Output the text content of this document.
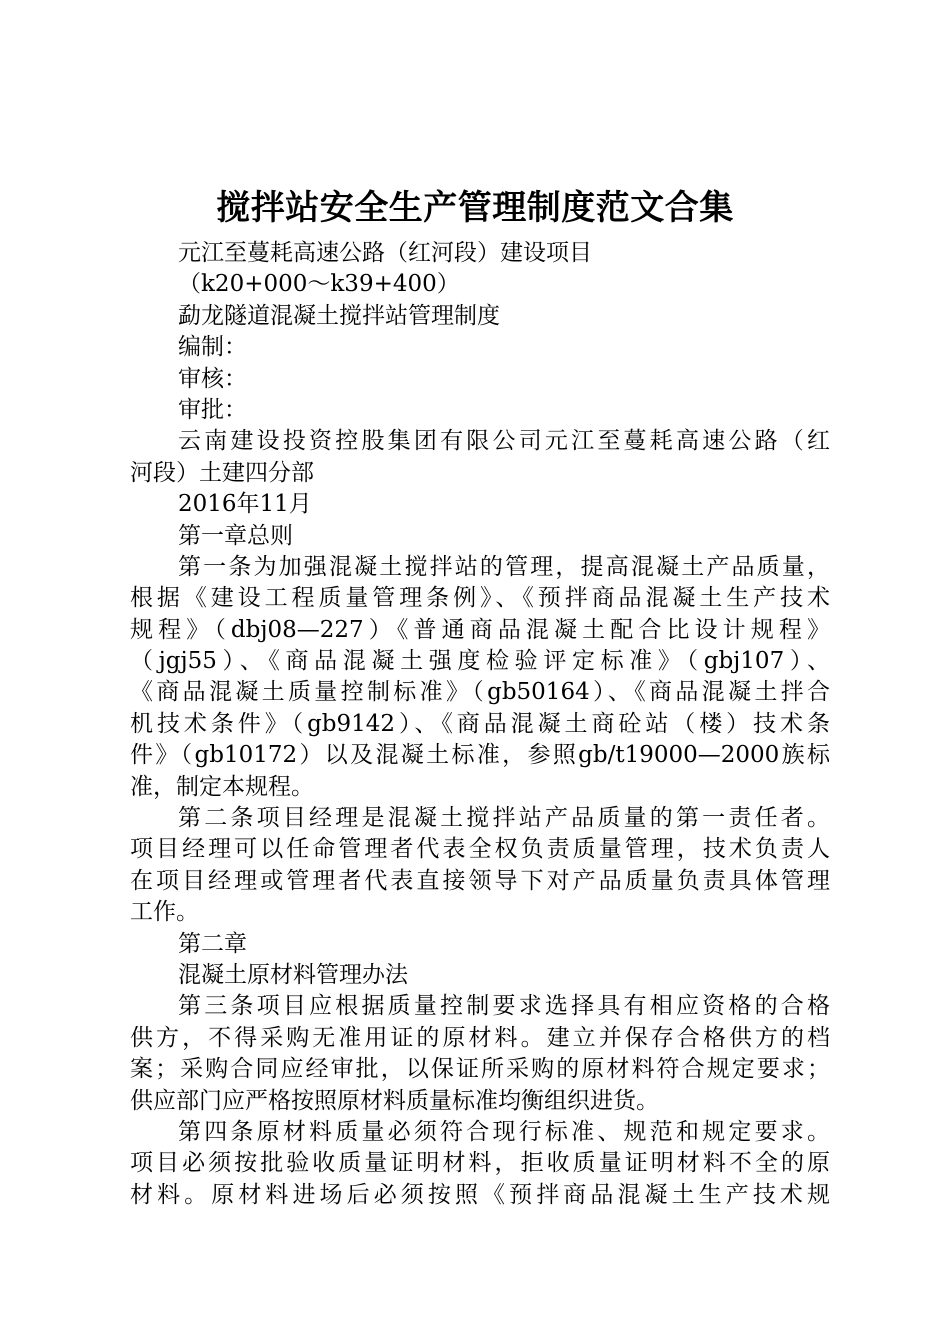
搅拌站安全生产管理制度范文合集
元江至蔓耗高速公路（红河段）建设项目
（k20+000～k39+400）
勐龙隧道混凝土搅拌站管理制度
编制：
审核：
审批：
云南建设投资控股集团有限公司元江至蔓耗高速公路（红
河段）土建四分部
2016年11月
第一章总则
第一条为加强混凝土搅拌站的管理，提高混凝土产品质量，
根据《建设工程质量管理条例》、《预拌商品混凝土生产技术
规程》（dbj08—227）《普通商品混凝土配合比设计规程》
（jgj55）、《商品混凝土强度检验评定标准》（gbj107）、
《商品混凝土质量控制标准》（gb50164）、《商品混凝土拌合
机技术条件》（gb9142）、《商品混凝土商砼站（楼）技术条
件》（gb10172）以及混凝土标准，参照gb/t19000—2000族标
准，制定本规程。
第二条项目经理是混凝土搅拌站产品质量的第一责任者。
项目经理可以任命管理者代表全权负责质量管理，技术负责人
在项目经理或管理者代表直接领导下对产品质量负责具体管理
工作。
第二章
混凝土原材料管理办法
第三条项目应根据质量控制要求选择具有相应资格的合格
供方，不得采购无准用证的原材料。建立并保存合格供方的档
案；采购合同应经审批，以保证所采购的原材料符合规定要求；
供应部门应严格按照原材料质量标准均衡组织进货。
第四条原材料质量必须符合现行标准、规范和规定要求。
项目必须按批验收质量证明材料，拒收质量证明材料不全的原
材料。原材料进场后必须按照《预拌商品混凝土生产技术规
